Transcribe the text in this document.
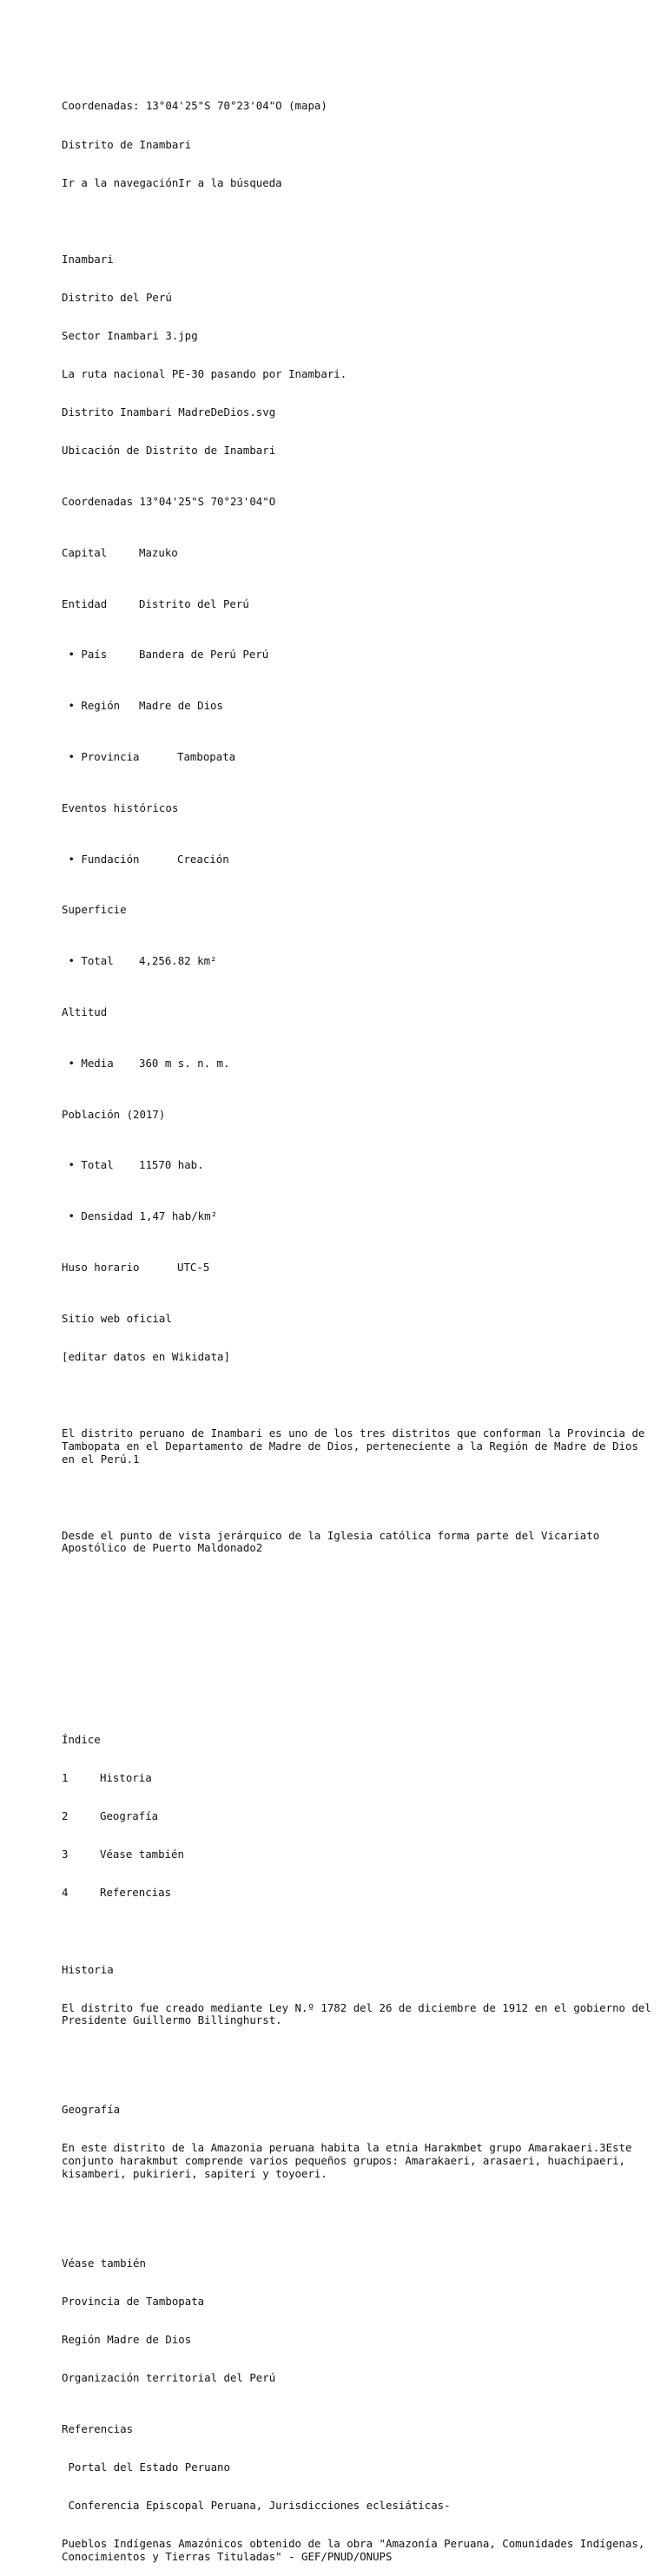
Coordenadas: 13°04'25"S 70°23'04"O (mapa)

Distrito de Inambari

Ir a la navegaciónIr a la búsqueda

Inambari

Distrito del Perú

Sector Inambari 3.jpg

La ruta nacional PE-30 pasando por Inambari.

Distrito Inambari MadreDeDios.svg

Ubicación de Distrito de Inambari

Coordenadas 13°04'25"S 70°23'04"O

Capital	Mazuko

Entidad	Distrito del Perú

• País	Bandera de Perú Perú

• Región Madre de Dios

• Provincia	Tambopata

Eventos históricos

• Fundación	Creación

Superficie

• Total 4,256.82 km²

Altitud

• Media 360 m s. n. m.

Población (2017)

• Total 11570 hab.

• Densidad 1,47 hab/km²

Huso horario	UTC-5

Sitio web oficial

[editar datos en Wikidata]

El distrito peruano de Inambari es uno de los tres distritos que conforman la Provincia de Tambopata en el Departamento de Madre de Dios, perteneciente a la Región de Madre de Dios en el Perú.1

Desde el punto de vista jerárquico de la Iglesia católica forma parte del Vicariato Apostólico de Puerto Maldonado2

Índice

1	Historia

2	Geografía

3	Véase también

4	Referencias

Historia

El distrito fue creado mediante Ley N.º 1782 del 26 de diciembre de 1912 en el gobierno del Presidente Guillermo Billinghurst.

Geografía

En este distrito de la Amazonia peruana habita la etnia Harakmbet grupo Amarakaeri.3Este conjunto harakmbut comprende varios pequeños grupos: Amarakaeri, arasaeri, huachipaeri, kisamberi, pukirieri, sapiteri y toyoeri.

Véase también

Provincia de Tambopata

Región Madre de Dios

Organización territorial del Perú

Referencias

Portal del Estado Peruano

Conferencia Episcopal Peruana, Jurisdicciones eclesiáticas-

Pueblos Indígenas Amazónicos obtenido de la obra "Amazonía Peruana, Comunidades Indígenas, Conocimientos y Tierras Tituladas" - GEF/PNUD/ONUPS
